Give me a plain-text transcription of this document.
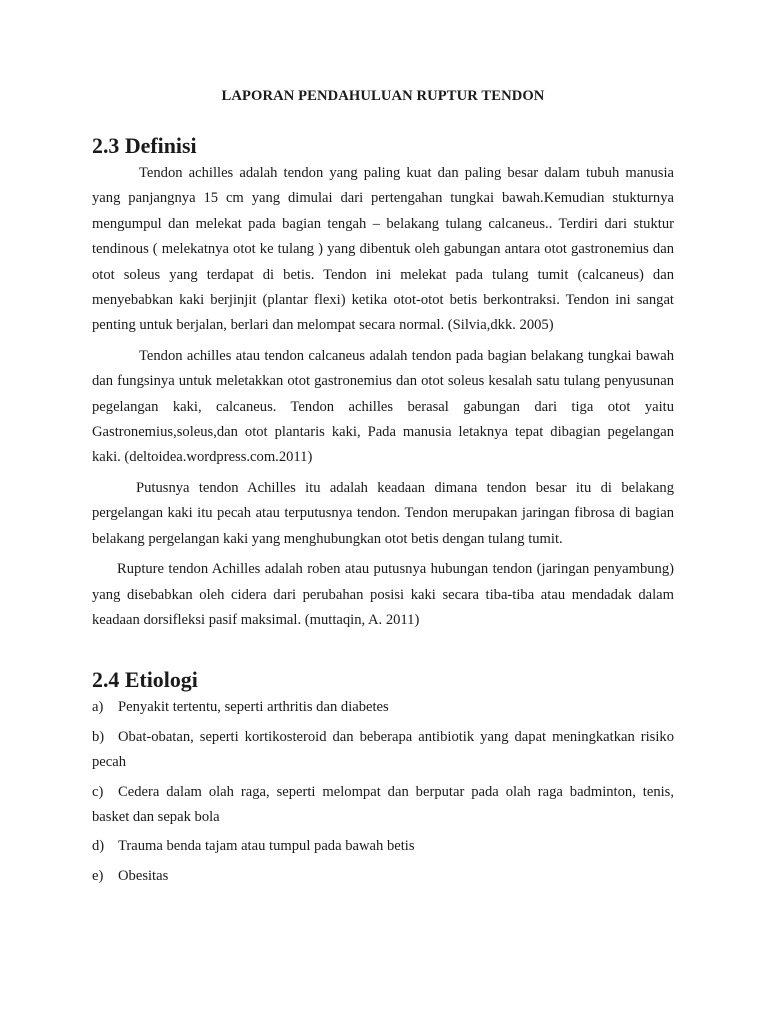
LAPORAN PENDAHULUAN RUPTUR TENDON
2.3 Definisi

Tendon achilles adalah tendon yang paling kuat dan paling besar dalam tubuh manusia yang panjangnya 15 cm yang dimulai dari pertengahan tungkai bawah.Kemudian stukturnya mengumpul dan melekat pada bagian tengah – belakang tulang calcaneus.. Terdiri dari stuktur tendinous ( melekatnya otot ke tulang ) yang dibentuk oleh gabungan antara otot gastronemius dan otot soleus yang terdapat di betis. Tendon ini melekat pada tulang tumit (calcaneus) dan menyebabkan kaki berjinjit (plantar flexi) ketika otot-otot betis berkontraksi. Tendon ini sangat penting untuk berjalan, berlari dan melompat secara normal. (Silvia,dkk. 2005)

Tendon achilles atau tendon calcaneus adalah tendon pada bagian belakang tungkai bawah dan fungsinya untuk meletakkan otot gastronemius dan otot soleus kesalah satu tulang penyusunan pegelangan kaki, calcaneus. Tendon achilles berasal gabungan dari tiga otot yaitu Gastronemius,soleus,dan otot plantaris kaki, Pada manusia letaknya tepat dibagian pegelangan kaki. (deltoidea.wordpress.com.2011)

Putusnya tendon Achilles itu adalah keadaan dimana tendon besar itu di belakang pergelangan kaki itu pecah atau terputusnya tendon. Tendon merupakan jaringan fibrosa di bagian belakang pergelangan kaki yang menghubungkan otot betis dengan tulang tumit.

Rupture tendon Achilles adalah roben atau putusnya hubungan tendon (jaringan penyambung) yang disebabkan oleh cidera dari perubahan posisi kaki secara tiba-tiba atau mendadak dalam keadaan dorsifleksi pasif maksimal. (muttaqin, A. 2011)

2.4 Etiologi
a) Penyakit tertentu, seperti arthritis dan diabetes
b) Obat-obatan, seperti kortikosteroid dan beberapa antibiotik yang dapat meningkatkan risiko pecah
c) Cedera dalam olah raga, seperti melompat dan berputar pada olah raga badminton, tenis, basket dan sepak bola
d) Trauma benda tajam atau tumpul pada bawah betis
e) Obesitas
